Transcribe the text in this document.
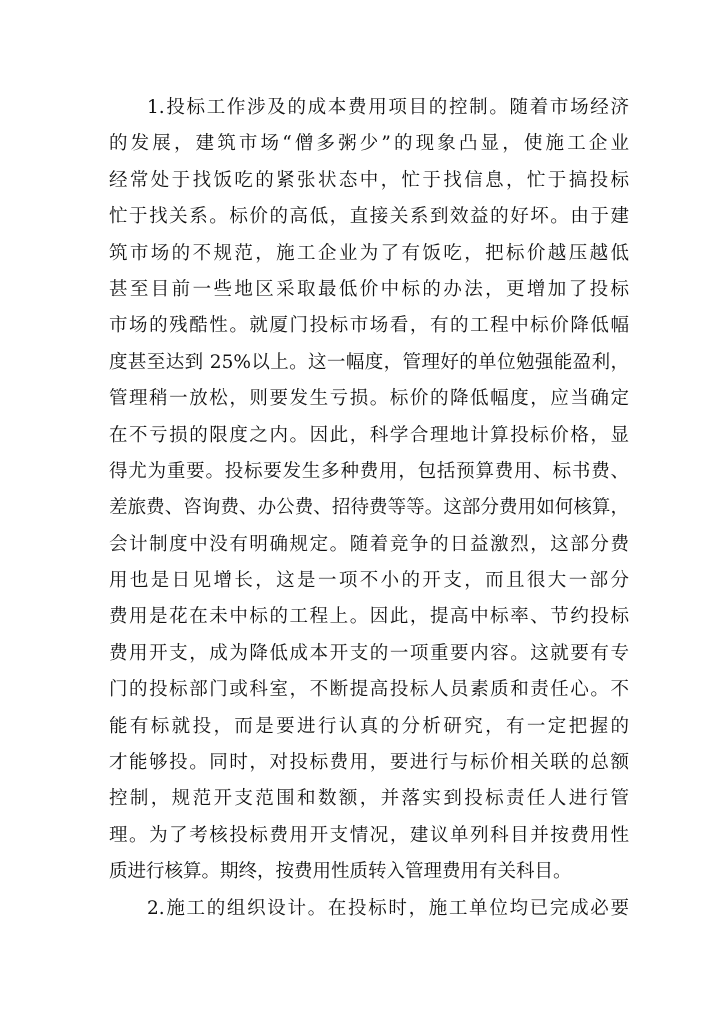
1.投标工作涉及的成本费用项目的控制。随着市场经济
的发展，建筑市场“僧多粥少”的现象凸显，使施工企业
经常处于找饭吃的紧张状态中，忙于找信息，忙于搞投标
忙于找关系。标价的高低，直接关系到效益的好坏。由于建
筑市场的不规范，施工企业为了有饭吃，把标价越压越低
甚至目前一些地区采取最低价中标的办法，更增加了投标
市场的残酷性。就厦门投标市场看，有的工程中标价降低幅
度甚至达到 25%以上。这一幅度，管理好的单位勉强能盈利，
管理稍一放松，则要发生亏损。标价的降低幅度，应当确定
在不亏损的限度之内。因此，科学合理地计算投标价格，显
得尤为重要。投标要发生多种费用，包括预算费用、标书费、
差旅费、咨询费、办公费、招待费等等。这部分费用如何核算，
会计制度中没有明确规定。随着竞争的日益激烈，这部分费
用也是日见增长，这是一项不小的开支，而且很大一部分
费用是花在未中标的工程上。因此，提高中标率、节约投标
费用开支，成为降低成本开支的一项重要内容。这就要有专
门的投标部门或科室，不断提高投标人员素质和责任心。不
能有标就投，而是要进行认真的分析研究，有一定把握的
才能够投。同时，对投标费用，要进行与标价相关联的总额
控制，规范开支范围和数额，并落实到投标责任人进行管
理。为了考核投标费用开支情况，建议单列科目并按费用性
质进行核算。期终，按费用性质转入管理费用有关科目。
2.施工的组织设计。在投标时，施工单位均已完成必要
